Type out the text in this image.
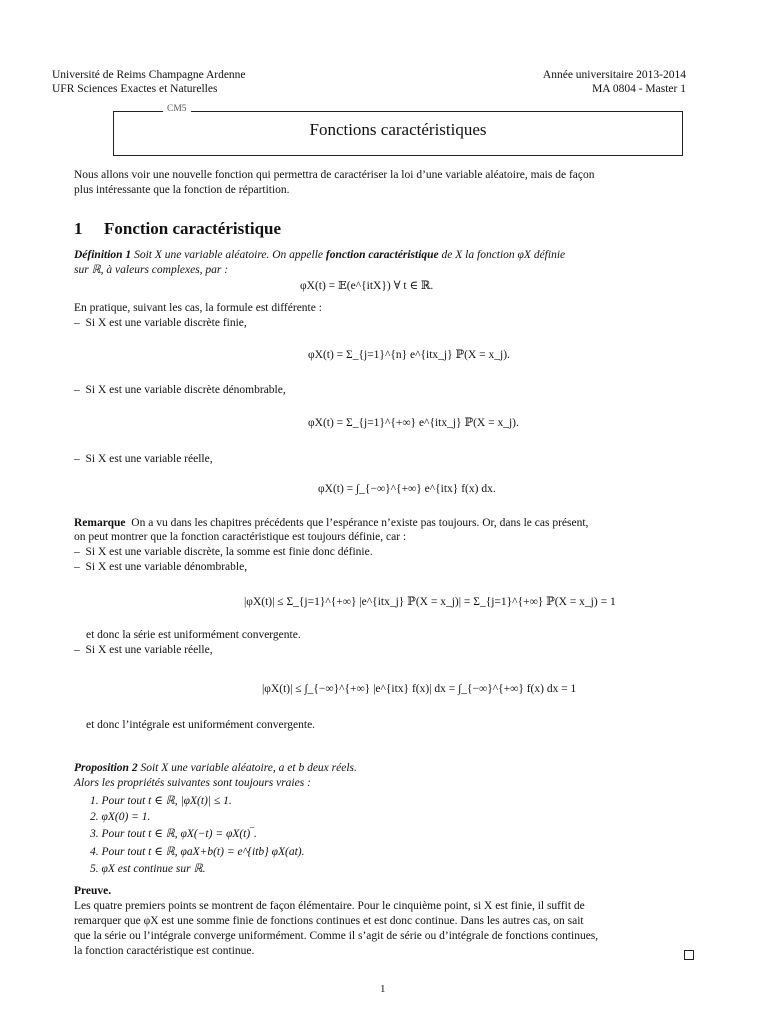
Université de Reims Champagne Ardenne
UFR Sciences Exactes et Naturelles
Année universitaire 2013-2014
MA 0804 - Master 1
CM5
Fonctions caractéristiques
Nous allons voir une nouvelle fonction qui permettra de caractériser la loi d’une variable aléatoire, mais de façon
plus intéressante que la fonction de répartition.
1 Fonction caractéristique
Définition 1 Soit X une variable aléatoire. On appelle fonction caractéristique de X la fonction φX définie
sur ℝ, à valeurs complexes, par :
φX(t) = 𝔼(e^{itX}) ∀ t ∈ ℝ.
En pratique, suivant les cas, la formule est différente :
– Si X est une variable discrète finie,
φX(t) = Σ_{j=1}^{n} e^{itx_j} ℙ(X = x_j).
– Si X est une variable discrète dénombrable,
φX(t) = Σ_{j=1}^{+∞} e^{itx_j} ℙ(X = x_j).
– Si X est une variable réelle,
φX(t) = ∫_{−∞}^{+∞} e^{itx} f(x) dx.
Remarque On a vu dans les chapitres précédents que l’espérance n’existe pas toujours. Or, dans le cas présent,
on peut montrer que la fonction caractéristique est toujours définie, car :
– Si X est une variable discrète, la somme est finie donc définie.
– Si X est une variable dénombrable,
|φX(t)| ≤ Σ_{j=1}^{+∞} |e^{itx_j} ℙ(X = x_j)| = Σ_{j=1}^{+∞} ℙ(X = x_j) = 1
et donc la série est uniformément convergente.
– Si X est une variable réelle,
|φX(t)| ≤ ∫_{−∞}^{+∞} |e^{itx} f(x)| dx = ∫_{−∞}^{+∞} f(x) dx = 1
et donc l’intégrale est uniformément convergente.
Proposition 2 Soit X une variable aléatoire, a et b deux réels.
Alors les propriétés suivantes sont toujours vraies :
1. Pour tout t ∈ ℝ, |φX(t)| ≤ 1.
2. φX(0) = 1.
3. Pour tout t ∈ ℝ, φX(−t) = φX(t)‾.
4. Pour tout t ∈ ℝ, φaX+b(t) = e^{itb} φX(at).
5. φX est continue sur ℝ.
Preuve.
Les quatre premiers points se montrent de façon élémentaire. Pour le cinquième point, si X est finie, il suffit de
remarquer que φX est une somme finie de fonctions continues et est donc continue. Dans les autres cas, on sait
que la série ou l’intégrale converge uniformément. Comme il s’agit de série ou d’intégrale de fonctions continues,
la fonction caractéristique est continue.
1
